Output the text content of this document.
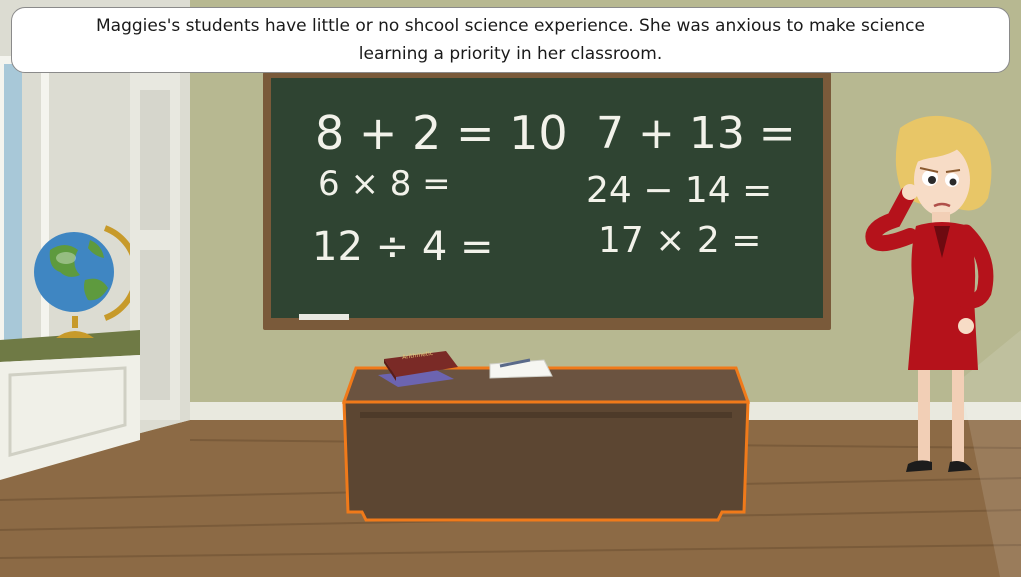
8 + 2 = 10
6 × 8 =
12 ÷ 4 =
7 + 13 =
24 − 14 =
17 × 2 =
Arithmetic
Maggies's students have little or no shcool science experience. She was anxious to make science
learning a priority in her classroom.
